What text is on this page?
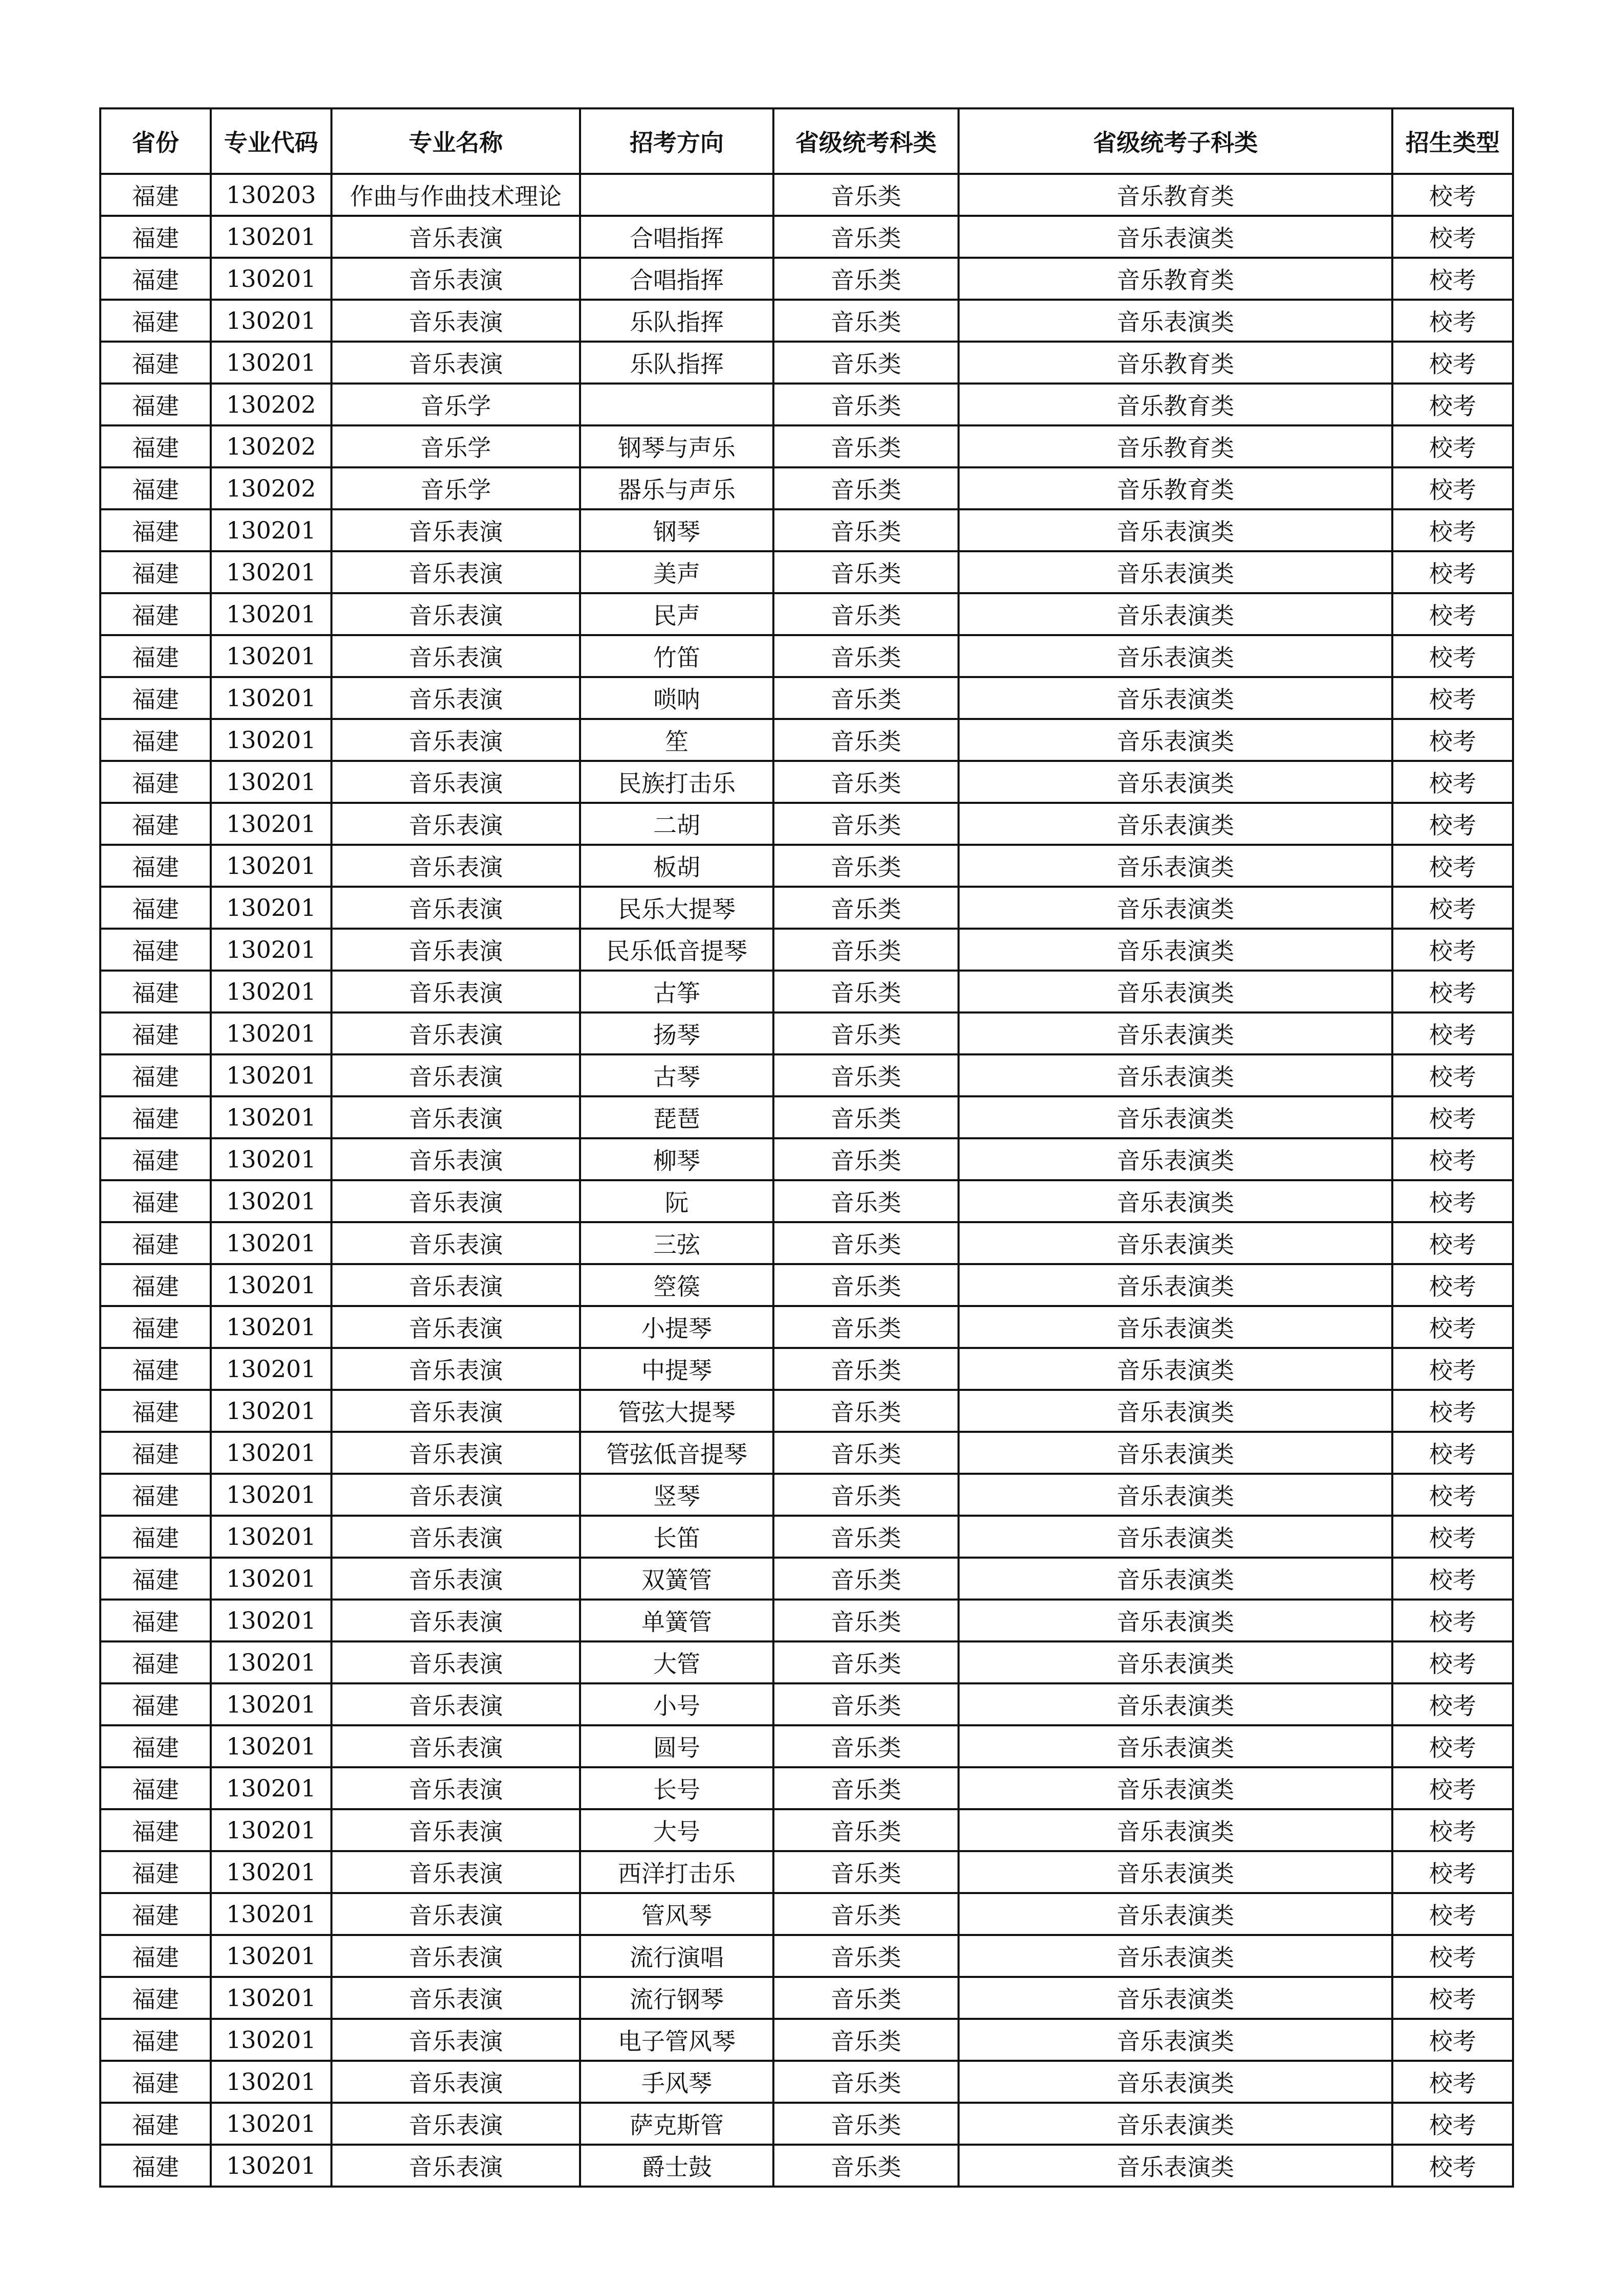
省份	专业代码	专业名称	招考方向	省级统考科类	省级统考子科类	招生类型
福建	130203	作曲与作曲技术理论		音乐类	音乐教育类	校考
福建	130201	音乐表演	合唱指挥	音乐类	音乐表演类	校考
福建	130201	音乐表演	合唱指挥	音乐类	音乐教育类	校考
福建	130201	音乐表演	乐队指挥	音乐类	音乐表演类	校考
福建	130201	音乐表演	乐队指挥	音乐类	音乐教育类	校考
福建	130202	音乐学		音乐类	音乐教育类	校考
福建	130202	音乐学	钢琴与声乐	音乐类	音乐教育类	校考
福建	130202	音乐学	器乐与声乐	音乐类	音乐教育类	校考
福建	130201	音乐表演	钢琴	音乐类	音乐表演类	校考
福建	130201	音乐表演	美声	音乐类	音乐表演类	校考
福建	130201	音乐表演	民声	音乐类	音乐表演类	校考
福建	130201	音乐表演	竹笛	音乐类	音乐表演类	校考
福建	130201	音乐表演	唢呐	音乐类	音乐表演类	校考
福建	130201	音乐表演	笙	音乐类	音乐表演类	校考
福建	130201	音乐表演	民族打击乐	音乐类	音乐表演类	校考
福建	130201	音乐表演	二胡	音乐类	音乐表演类	校考
福建	130201	音乐表演	板胡	音乐类	音乐表演类	校考
福建	130201	音乐表演	民乐大提琴	音乐类	音乐表演类	校考
福建	130201	音乐表演	民乐低音提琴	音乐类	音乐表演类	校考
福建	130201	音乐表演	古筝	音乐类	音乐表演类	校考
福建	130201	音乐表演	扬琴	音乐类	音乐表演类	校考
福建	130201	音乐表演	古琴	音乐类	音乐表演类	校考
福建	130201	音乐表演	琵琶	音乐类	音乐表演类	校考
福建	130201	音乐表演	柳琴	音乐类	音乐表演类	校考
福建	130201	音乐表演	阮	音乐类	音乐表演类	校考
福建	130201	音乐表演	三弦	音乐类	音乐表演类	校考
福建	130201	音乐表演	箜篌	音乐类	音乐表演类	校考
福建	130201	音乐表演	小提琴	音乐类	音乐表演类	校考
福建	130201	音乐表演	中提琴	音乐类	音乐表演类	校考
福建	130201	音乐表演	管弦大提琴	音乐类	音乐表演类	校考
福建	130201	音乐表演	管弦低音提琴	音乐类	音乐表演类	校考
福建	130201	音乐表演	竖琴	音乐类	音乐表演类	校考
福建	130201	音乐表演	长笛	音乐类	音乐表演类	校考
福建	130201	音乐表演	双簧管	音乐类	音乐表演类	校考
福建	130201	音乐表演	单簧管	音乐类	音乐表演类	校考
福建	130201	音乐表演	大管	音乐类	音乐表演类	校考
福建	130201	音乐表演	小号	音乐类	音乐表演类	校考
福建	130201	音乐表演	圆号	音乐类	音乐表演类	校考
福建	130201	音乐表演	长号	音乐类	音乐表演类	校考
福建	130201	音乐表演	大号	音乐类	音乐表演类	校考
福建	130201	音乐表演	西洋打击乐	音乐类	音乐表演类	校考
福建	130201	音乐表演	管风琴	音乐类	音乐表演类	校考
福建	130201	音乐表演	流行演唱	音乐类	音乐表演类	校考
福建	130201	音乐表演	流行钢琴	音乐类	音乐表演类	校考
福建	130201	音乐表演	电子管风琴	音乐类	音乐表演类	校考
福建	130201	音乐表演	手风琴	音乐类	音乐表演类	校考
福建	130201	音乐表演	萨克斯管	音乐类	音乐表演类	校考
福建	130201	音乐表演	爵士鼓	音乐类	音乐表演类	校考
